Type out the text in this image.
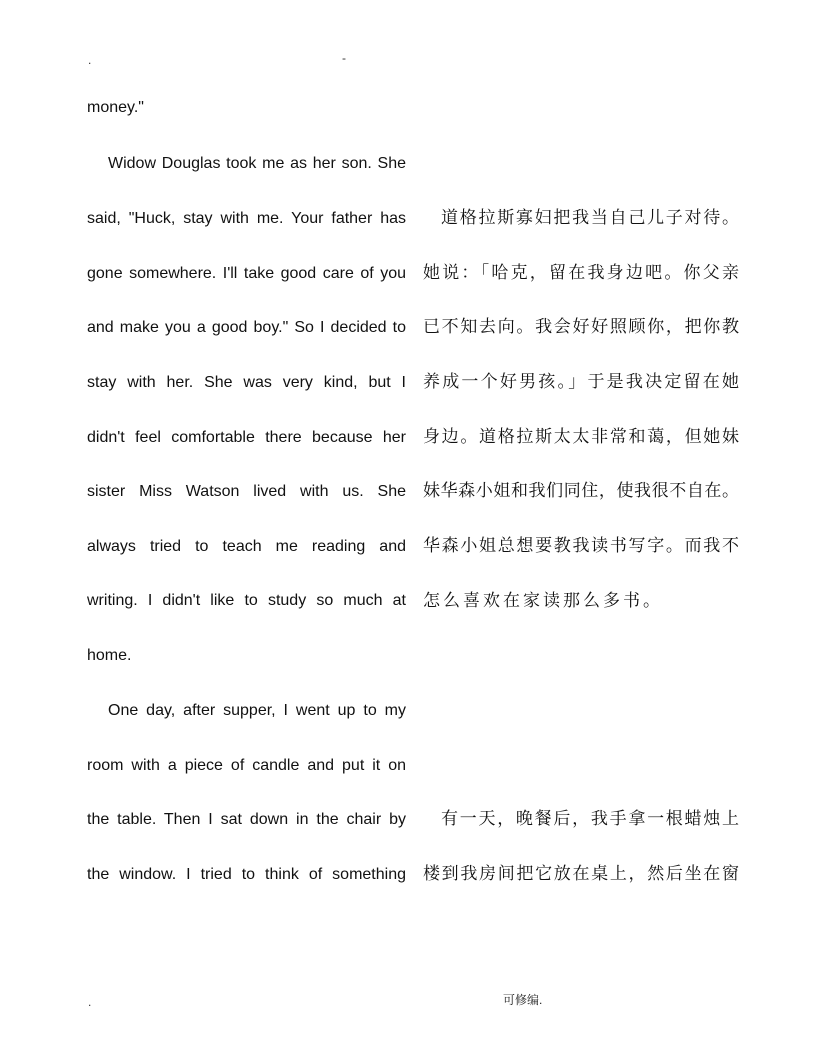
.	-
money."
Widow Douglas took me as her son. She
said, "Huck, stay with me. Your father has
gone somewhere. I'll take good care of you
and make you a good boy." So I decided to
stay with her. She was very kind, but I
didn't feel comfortable there because her
sister Miss Watson lived with us. She
always tried to teach me reading and
writing. I didn't like to study so much at
home.
One day, after supper, I went up to my
room with a piece of candle and put it on
the table. Then I sat down in the chair by
the window. I tried to think of something
道格拉斯寡妇把我当自己儿子对待。
她说：「哈克，留在我身边吧。你父亲
已不知去向。我会好好照顾你，把你教
养成一个好男孩。」于是我决定留在她
身边。道格拉斯太太非常和蔼，但她妹
妹华森小姐和我们同住，使我很不自在。
华森小姐总想要教我读书写字。而我不
怎么喜欢在家读那么多书。
有一天，晚餐后，我手拿一根蜡烛上
楼到我房间把它放在桌上，然后坐在窗
.	可修编.
